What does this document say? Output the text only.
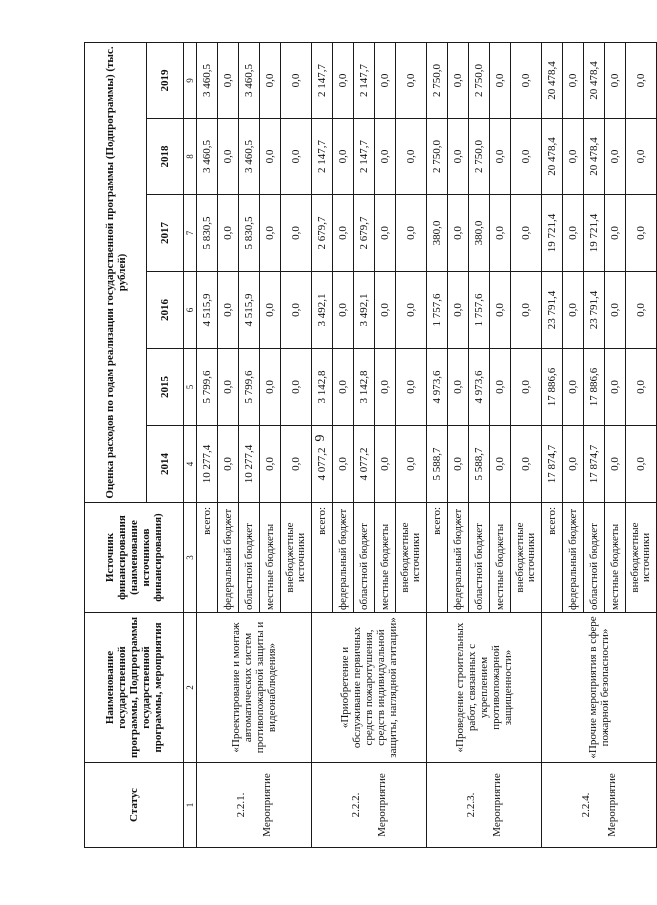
6
Статус	Наименование государственной программы, Подпрограммы государственной программы, мероприятия	Источник финансирования (наименование источников финансирования)	Оценка расходов по годам реализации государственной программы (Подпрограммы) (тыс. рублей)					
			2014	2015	2016	2017	2018	2019
1	2	3	4	5	6	7	8	9

2.2.1. Мероприятие	«Проектирование и монтаж автоматических систем противопожарной защиты и видеонаблюдения»	всего:	10 277,4	5 799,6	4 515,9	5 830,5	3 460,5	3 460,5
		федеральный бюджет	0,0	0,0	0,0	0,0	0,0	0,0
		областной бюджет	10 277,4	5 799,6	4 515,9	5 830,5	3 460,5	3 460,5
		местные бюджеты	0,0	0,0	0,0	0,0	0,0	0,0
		внебюджетные источники	0,0	0,0	0,0	0,0	0,0	0,0

2.2.2. Мероприятие	«Приобретение и обслуживание первичных средств пожаротушения, средств индивидуальной защиты, наглядной агитации»	всего:	4 077,2	3 142,8	3 492,1	2 679,7	2 147,7	2 147,7
		федеральный бюджет	0,0	0,0	0,0	0,0	0,0	0,0
		областной бюджет	4 077,2	3 142,8	3 492,1	2 679,7	2 147,7	2 147,7
		местные бюджеты	0,0	0,0	0,0	0,0	0,0	0,0
		внебюджетные источники	0,0	0,0	0,0	0,0	0,0	0,0

2.2.3. Мероприятие	«Проведение строительных работ, связанных с укреплением противопожарной защищенности»	всего:	5 588,7	4 973,6	1 757,6	380,0	2 750,0	2 750,0
		федеральный бюджет	0,0	0,0	0,0	0,0	0,0	0,0
		областной бюджет	5 588,7	4 973,6	1 757,6	380,0	2 750,0	2 750,0
		местные бюджеты	0,0	0,0	0,0	0,0	0,0	0,0
		внебюджетные источники	0,0	0,0	0,0	0,0	0,0	0,0

2.2.4. Мероприятие	«Прочие мероприятия в сфере пожарной безопасности»	всего:	17 874,7	17 886,6	23 791,4	19 721,4	20 478,4	20 478,4
		федеральный бюджет	0,0	0,0	0,0	0,0	0,0	0,0
		областной бюджет	17 874,7	17 886,6	23 791,4	19 721,4	20 478,4	20 478,4
		местные бюджеты	0,0	0,0	0,0	0,0	0,0	0,0
		внебюджетные источники	0,0	0,0	0,0	0,0	0,0	0,0
